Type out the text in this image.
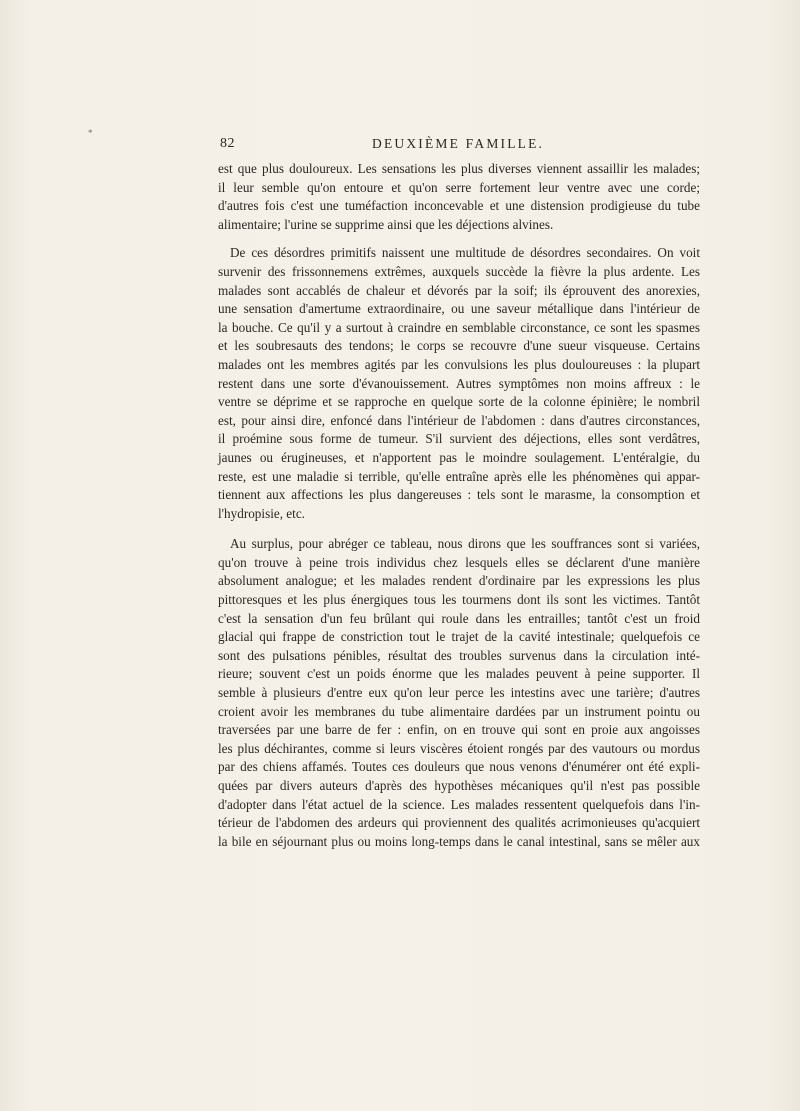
*
82	DEUXIÈME FAMILLE.

est que plus douloureux. Les sensations les plus diverses viennent assaillir les malades;
il leur semble qu'on entoure et qu'on serre fortement leur ventre avec une corde;
d'autres fois c'est une tuméfaction inconcevable et une distension prodigieuse du tube
alimentaire; l'urine se supprime ainsi que les déjections alvines.

De ces désordres primitifs naissent une multitude de désordres secondaires. On voit
survenir des frissonnemens extrêmes, auxquels succède la fièvre la plus ardente. Les
malades sont accablés de chaleur et dévorés par la soif; ils éprouvent des anorexies,
une sensation d'amertume extraordinaire, ou une saveur métallique dans l'intérieur de
la bouche. Ce qu'il y a surtout à craindre en semblable circonstance, ce sont les spasmes
et les soubresauts des tendons; le corps se recouvre d'une sueur visqueuse. Certains
malades ont les membres agités par les convulsions les plus douloureuses : la plupart
restent dans une sorte d'évanouissement. Autres symptômes non moins affreux : le
ventre se déprime et se rapproche en quelque sorte de la colonne épinière; le nombril
est, pour ainsi dire, enfoncé dans l'intérieur de l'abdomen : dans d'autres circonstances,
il proémine sous forme de tumeur. S'il survient des déjections, elles sont verdâtres,
jaunes ou érugineuses, et n'apportent pas le moindre soulagement. L'entéralgie, du
reste, est une maladie si terrible, qu'elle entraîne après elle les phénomènes qui appar-
tiennent aux affections les plus dangereuses : tels sont le marasme, la consomption et
l'hydropisie, etc.

Au surplus, pour abréger ce tableau, nous dirons que les souffrances sont si variées,
qu'on trouve à peine trois individus chez lesquels elles se déclarent d'une manière
absolument analogue; et les malades rendent d'ordinaire par les expressions les plus
pittoresques et les plus énergiques tous les tourmens dont ils sont les victimes. Tantôt
c'est la sensation d'un feu brûlant qui roule dans les entrailles; tantôt c'est un froid
glacial qui frappe de constriction tout le trajet de la cavité intestinale; quelquefois ce
sont des pulsations pénibles, résultat des troubles survenus dans la circulation inté-
rieure; souvent c'est un poids énorme que les malades peuvent à peine supporter. Il
semble à plusieurs d'entre eux qu'on leur perce les intestins avec une tarière; d'autres
croient avoir les membranes du tube alimentaire dardées par un instrument pointu ou
traversées par une barre de fer : enfin, on en trouve qui sont en proie aux angoisses
les plus déchirantes, comme si leurs viscères étoient rongés par des vautours ou mordus
par des chiens affamés. Toutes ces douleurs que nous venons d'énumérer ont été expli-
quées par divers auteurs d'après des hypothèses mécaniques qu'il n'est pas possible
d'adopter dans l'état actuel de la science. Les malades ressentent quelquefois dans l'in-
térieur de l'abdomen des ardeurs qui proviennent des qualités acrimonieuses qu'acquiert
la bile en séjournant plus ou moins long-temps dans le canal intestinal, sans se mêler aux
